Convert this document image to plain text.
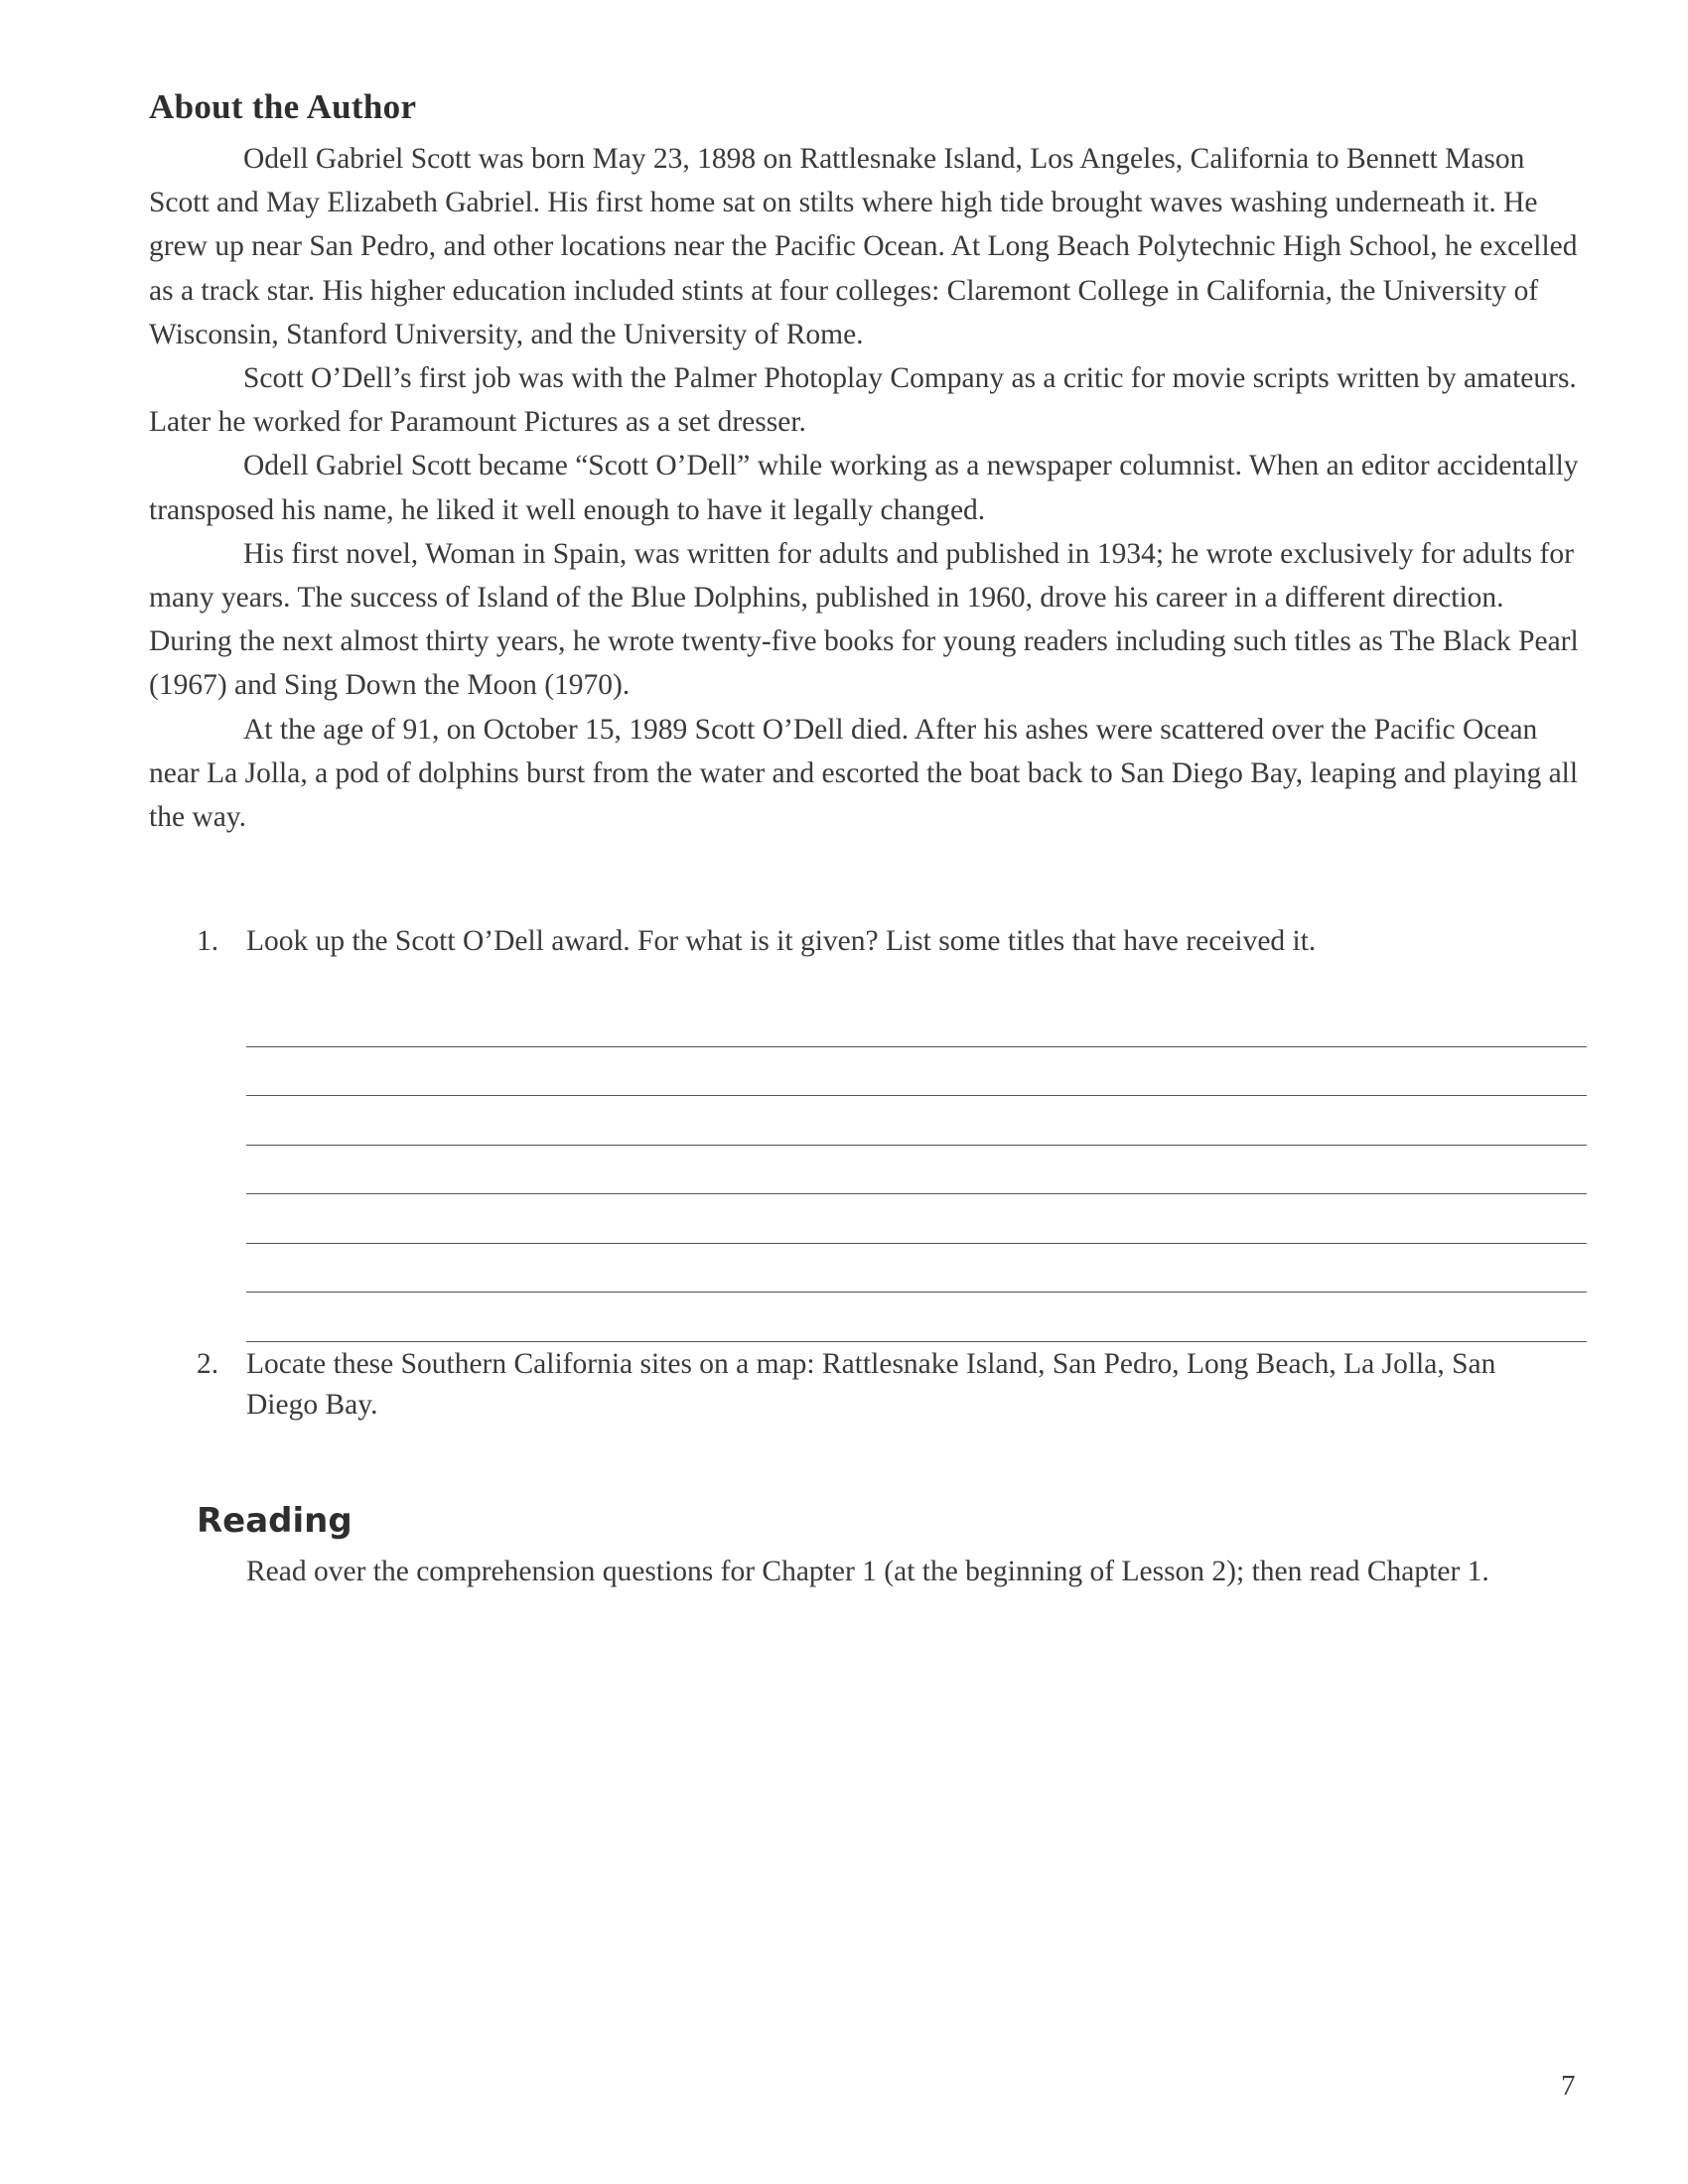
About the Author

Odell Gabriel Scott was born May 23, 1898 on Rattlesnake Island, Los Angeles, California to Bennett Mason Scott and May Elizabeth Gabriel. His first home sat on stilts where high tide brought waves washing underneath it. He grew up near San Pedro, and other locations near the Pacific Ocean. At Long Beach Polytechnic High School, he excelled as a track star. His higher education included stints at four colleges: Claremont College in California, the University of Wisconsin, Stanford University, and the University of Rome.

Scott O’Dell’s first job was with the Palmer Photoplay Company as a critic for movie scripts written by amateurs. Later he worked for Paramount Pictures as a set dresser.

Odell Gabriel Scott became “Scott O’Dell” while working as a newspaper columnist. When an editor accidentally transposed his name, he liked it well enough to have it legally changed.

His first novel, Woman in Spain, was written for adults and published in 1934; he wrote exclusively for adults for many years. The success of Island of the Blue Dolphins, published in 1960, drove his career in a different direction. During the next almost thirty years, he wrote twenty-five books for young readers including such titles as The Black Pearl (1967) and Sing Down the Moon (1970).

At the age of 91, on October 15, 1989 Scott O’Dell died. After his ashes were scattered over the Pacific Ocean near La Jolla, a pod of dolphins burst from the water and escorted the boat back to San Diego Bay, leaping and playing all the way.

1. Look up the Scott O’Dell award. For what is it given? List some titles that have received it.
2. Locate these Southern California sites on a map: Rattlesnake Island, San Pedro, Long Beach, La Jolla, San Diego Bay.
Reading
Read over the comprehension questions for Chapter 1 (at the beginning of Lesson 2); then read Chapter 1.
7
